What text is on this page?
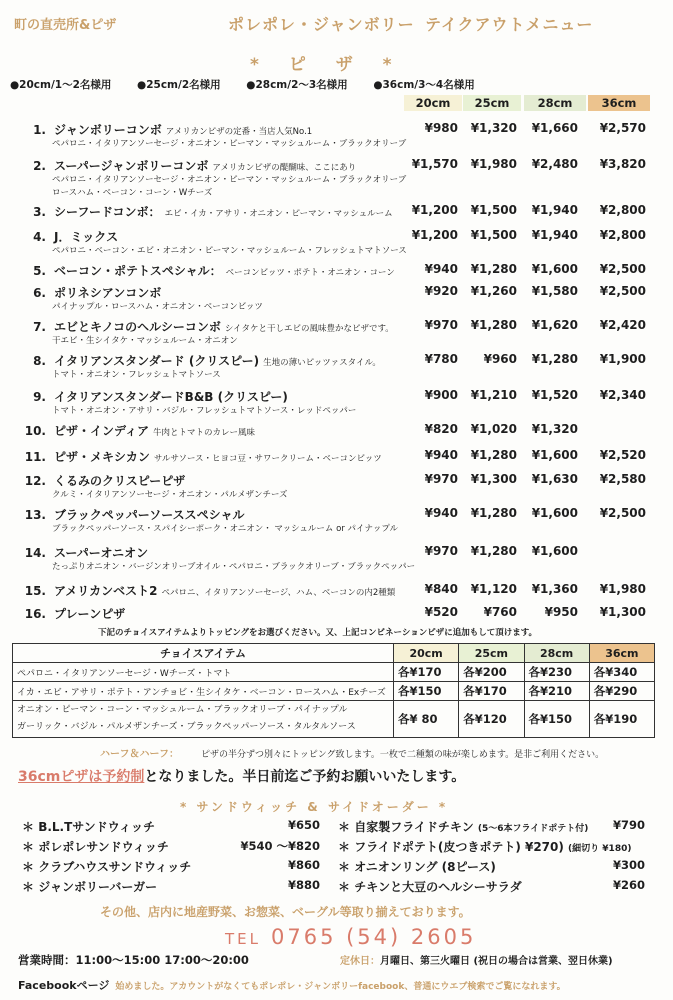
町の直売所&ピザ	ポレポレ・ジャンボリー テイクアウトメニュー
* ピ ザ *
●20cm/1～2名様用 ●25cm/2名様用 ●28cm/2～3名様用 ●36cm/3～4名様用
20cm	25cm	28cm	36cm
1. ジャンボリーコンボ アメリカンピザの定番・当店人気No.1
ペパロニ・イタリアンソーセージ・オニオン・ピーマン・マッシュルーム・ブラックオリーブ
¥980	¥1,320	¥1,660	¥2,570
2. スーパージャンボリーコンボ アメリカンピザの醍醐味、ここにあり
ペパロニ・イタリアンソーセージ・オニオン・ピーマン・マッシュルーム・ブラックオリーブ
ロースハム・ベーコン・コーン・Wチーズ
¥1,570	¥1,980	¥2,480	¥3,820
3. シーフードコンボ： エビ・イカ・アサリ・オニオン・ピーマン・マッシュルーム	¥1,200	¥1,500	¥1,940	¥2,800
4. J．ミックス
ペパロニ・ベーコン・エビ・オニオン・ピーマン・マッシュルーム・フレッシュトマトソース
¥1,200	¥1,500	¥1,940	¥2,800
5. ベーコン・ポテトスペシャル： ベーコンビッツ・ポテト・オニオン・コーン	¥940	¥1,280	¥1,600	¥2,500
6. ポリネシアンコンボ
パイナップル・ロースハム・オニオン・ベーコンビッツ
¥920	¥1,260	¥1,580	¥2,500
7. エビとキノコのヘルシーコンボ シイタケと干しエビの風味豊かなピザです。
干エビ・生シイタケ・マッシュルーム・オニオン
¥970	¥1,280	¥1,620	¥2,420
8. イタリアンスタンダード (クリスピー) 生地の薄いピッツァスタイル。
トマト・オニオン・フレッシュトマトソース
¥780	¥960	¥1,280	¥1,900
9. イタリアンスタンダードB&B (クリスピー)
トマト・オニオン・アサリ・バジル・フレッシュトマトソース・レッドペッパー
¥900	¥1,210	¥1,520	¥2,340
10. ピザ・インディア 牛肉とトマトのカレー風味	¥820	¥1,020	¥1,320
11. ピザ・メキシカン サルサソース・ヒヨコ豆・サワークリーム・ベーコンビッツ	¥940	¥1,280	¥1,600	¥2,520
12. くるみのクリスピーピザ
クルミ・イタリアンソーセージ・オニオン・パルメザンチーズ
¥970	¥1,300	¥1,630	¥2,580
13. ブラックペッパーソーススペシャル
ブラックペッパーソース・スパイシーポーク・オニオン・ マッシュルーム or パイナップル
¥940	¥1,280	¥1,600	¥2,500
14. スーパーオニオン
たっぷりオニオン・バージンオリーブオイル・ペパロニ・ブラックオリーブ・ブラックペッパー
¥970	¥1,280	¥1,600
15. アメリカンベスト2 ペパロニ、イタリアンソーセージ、ハム、ベーコンの内2種類	¥840	¥1,120	¥1,360	¥1,980
16. プレーンピザ	¥520	¥760	¥950	¥1,300
下記のチョイスアイテムよりトッピングをお選びください。又、上記コンビネーションピザに追加もして頂けます。
チョイスアイテム	20cm	25cm	28cm	36cm
ペパロニ・イタリアンソーセージ・Wチーズ・トマト	各¥170	各¥200	各¥230	各¥340
イカ・エビ・アサリ・ポテト・アンチョビ・生シイタケ・ベーコン・ロースハム・Exチーズ	各¥150	各¥170	各¥210	各¥290
オニオン・ピーマン・コーン・マッシュルーム・ブラックオリーブ・パイナップル
ガーリック・バジル・パルメザンチーズ・ブラックペッパーソース・タルタルソース	各¥ 80	各¥120	各¥150	各¥190
ハーフ＆ハーフ： ピザの半分ずつ別々にトッピング致します。一枚で二種類の味が楽しめます。是非ご利用ください。
36cmピザは予約制となりました。半日前迄ご予約お願いいたします。
* サンドウィッチ & サイドオーダー *
＊ B.L.Tサンドウィッチ	¥650
＊ ポレポレサンドウィッチ	¥540 ～¥820
＊ クラブハウスサンドウィッチ	¥860
＊ ジャンボリーバーガー	¥880
＊ 自家製フライドチキン (5～6本フライドポテト付)	¥790
＊ フライドポテト(皮つきポテト) ¥270) (細切り ¥180)
＊ オニオンリング (8ピース)	¥300
＊ チキンと大豆のヘルシーサラダ	¥260
その他、店内に地産野菜、お惣菜、ベーグル等取り揃えております。
TEL 0765 (54) 2605
営業時間：11:00～15:00 17:00～20:00	定休日：月曜日、第三火曜日 (祝日の場合は営業、翌日休業)
Facebookページ 始めました。アカウントがなくてもポレポレ・ジャンボリーfacebook、普通にウエブ検索でご覧になれます。
